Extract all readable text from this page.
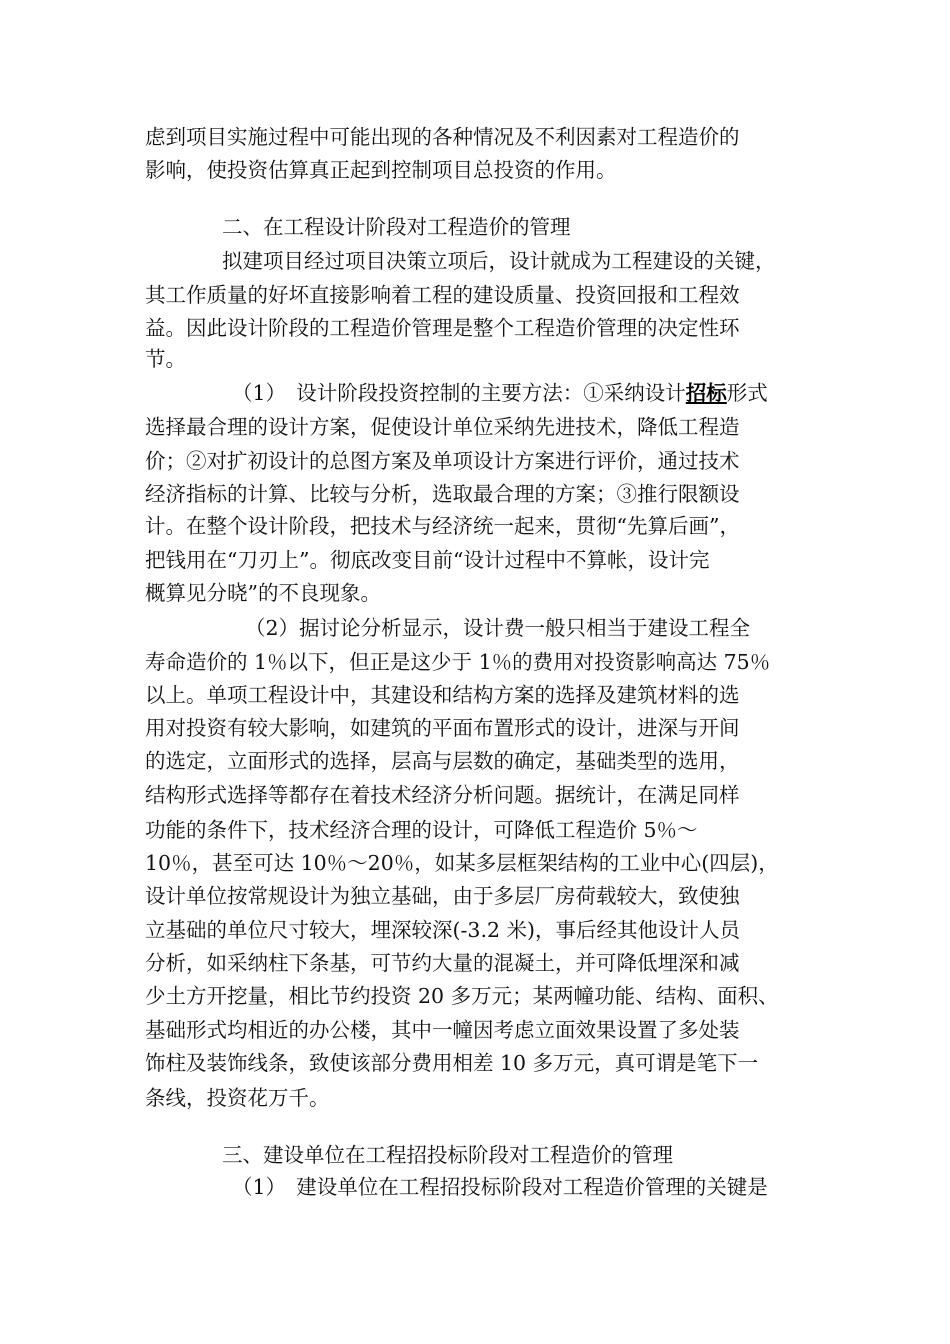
虑到项目实施过程中可能出现的各种情况及不利因素对工程造价的
影响，使投资估算真正起到控制项目总投资的作用。
二、在工程设计阶段对工程造价的管理
拟建项目经过项目决策立项后，设计就成为工程建设的关键，
其工作质量的好坏直接影响着工程的建设质量、投资回报和工程效
益。因此设计阶段的工程造价管理是整个工程造价管理的决定性环
节。
（1）　设计阶段投资控制的主要方法：①采纳设计招标形式
选择最合理的设计方案，促使设计单位采纳先进技术，降低工程造
价；②对扩初设计的总图方案及单项设计方案进行评价，通过技术
经济指标的计算、比较与分析，选取最合理的方案；③推行限额设
计。在整个设计阶段，把技术与经济统一起来，贯彻“先算后画”，
把钱用在“刀刃上”。彻底改变目前“设计过程中不算帐，设计完
概算见分晓”的不良现象。
（2）据讨论分析显示，设计费一般只相当于建设工程全
寿命造价的 1％以下，但正是这少于 1％的费用对投资影响高达 75％
以上。单项工程设计中，其建设和结构方案的选择及建筑材料的选
用对投资有较大影响，如建筑的平面布置形式的设计，进深与开间
的选定，立面形式的选择，层高与层数的确定，基础类型的选用，
结构形式选择等都存在着技术经济分析问题。据统计，在满足同样
功能的条件下，技术经济合理的设计，可降低工程造价 5％～
10％，甚至可达 10％～20％，如某多层框架结构的工业中心(四层)，
设计单位按常规设计为独立基础，由于多层厂房荷载较大，致使独
立基础的单位尺寸较大，埋深较深(-3.2 米)，事后经其他设计人员
分析，如采纳柱下条基，可节约大量的混凝土，并可降低埋深和减
少土方开挖量，相比节约投资 20 多万元；某两幢功能、结构、面积、
基础形式均相近的办公楼，其中一幢因考虑立面效果设置了多处装
饰柱及装饰线条，致使该部分费用相差 10 多万元，真可谓是笔下一
条线，投资花万千。
三、建设单位在工程招投标阶段对工程造价的管理
（1）　建设单位在工程招投标阶段对工程造价管理的关键是
